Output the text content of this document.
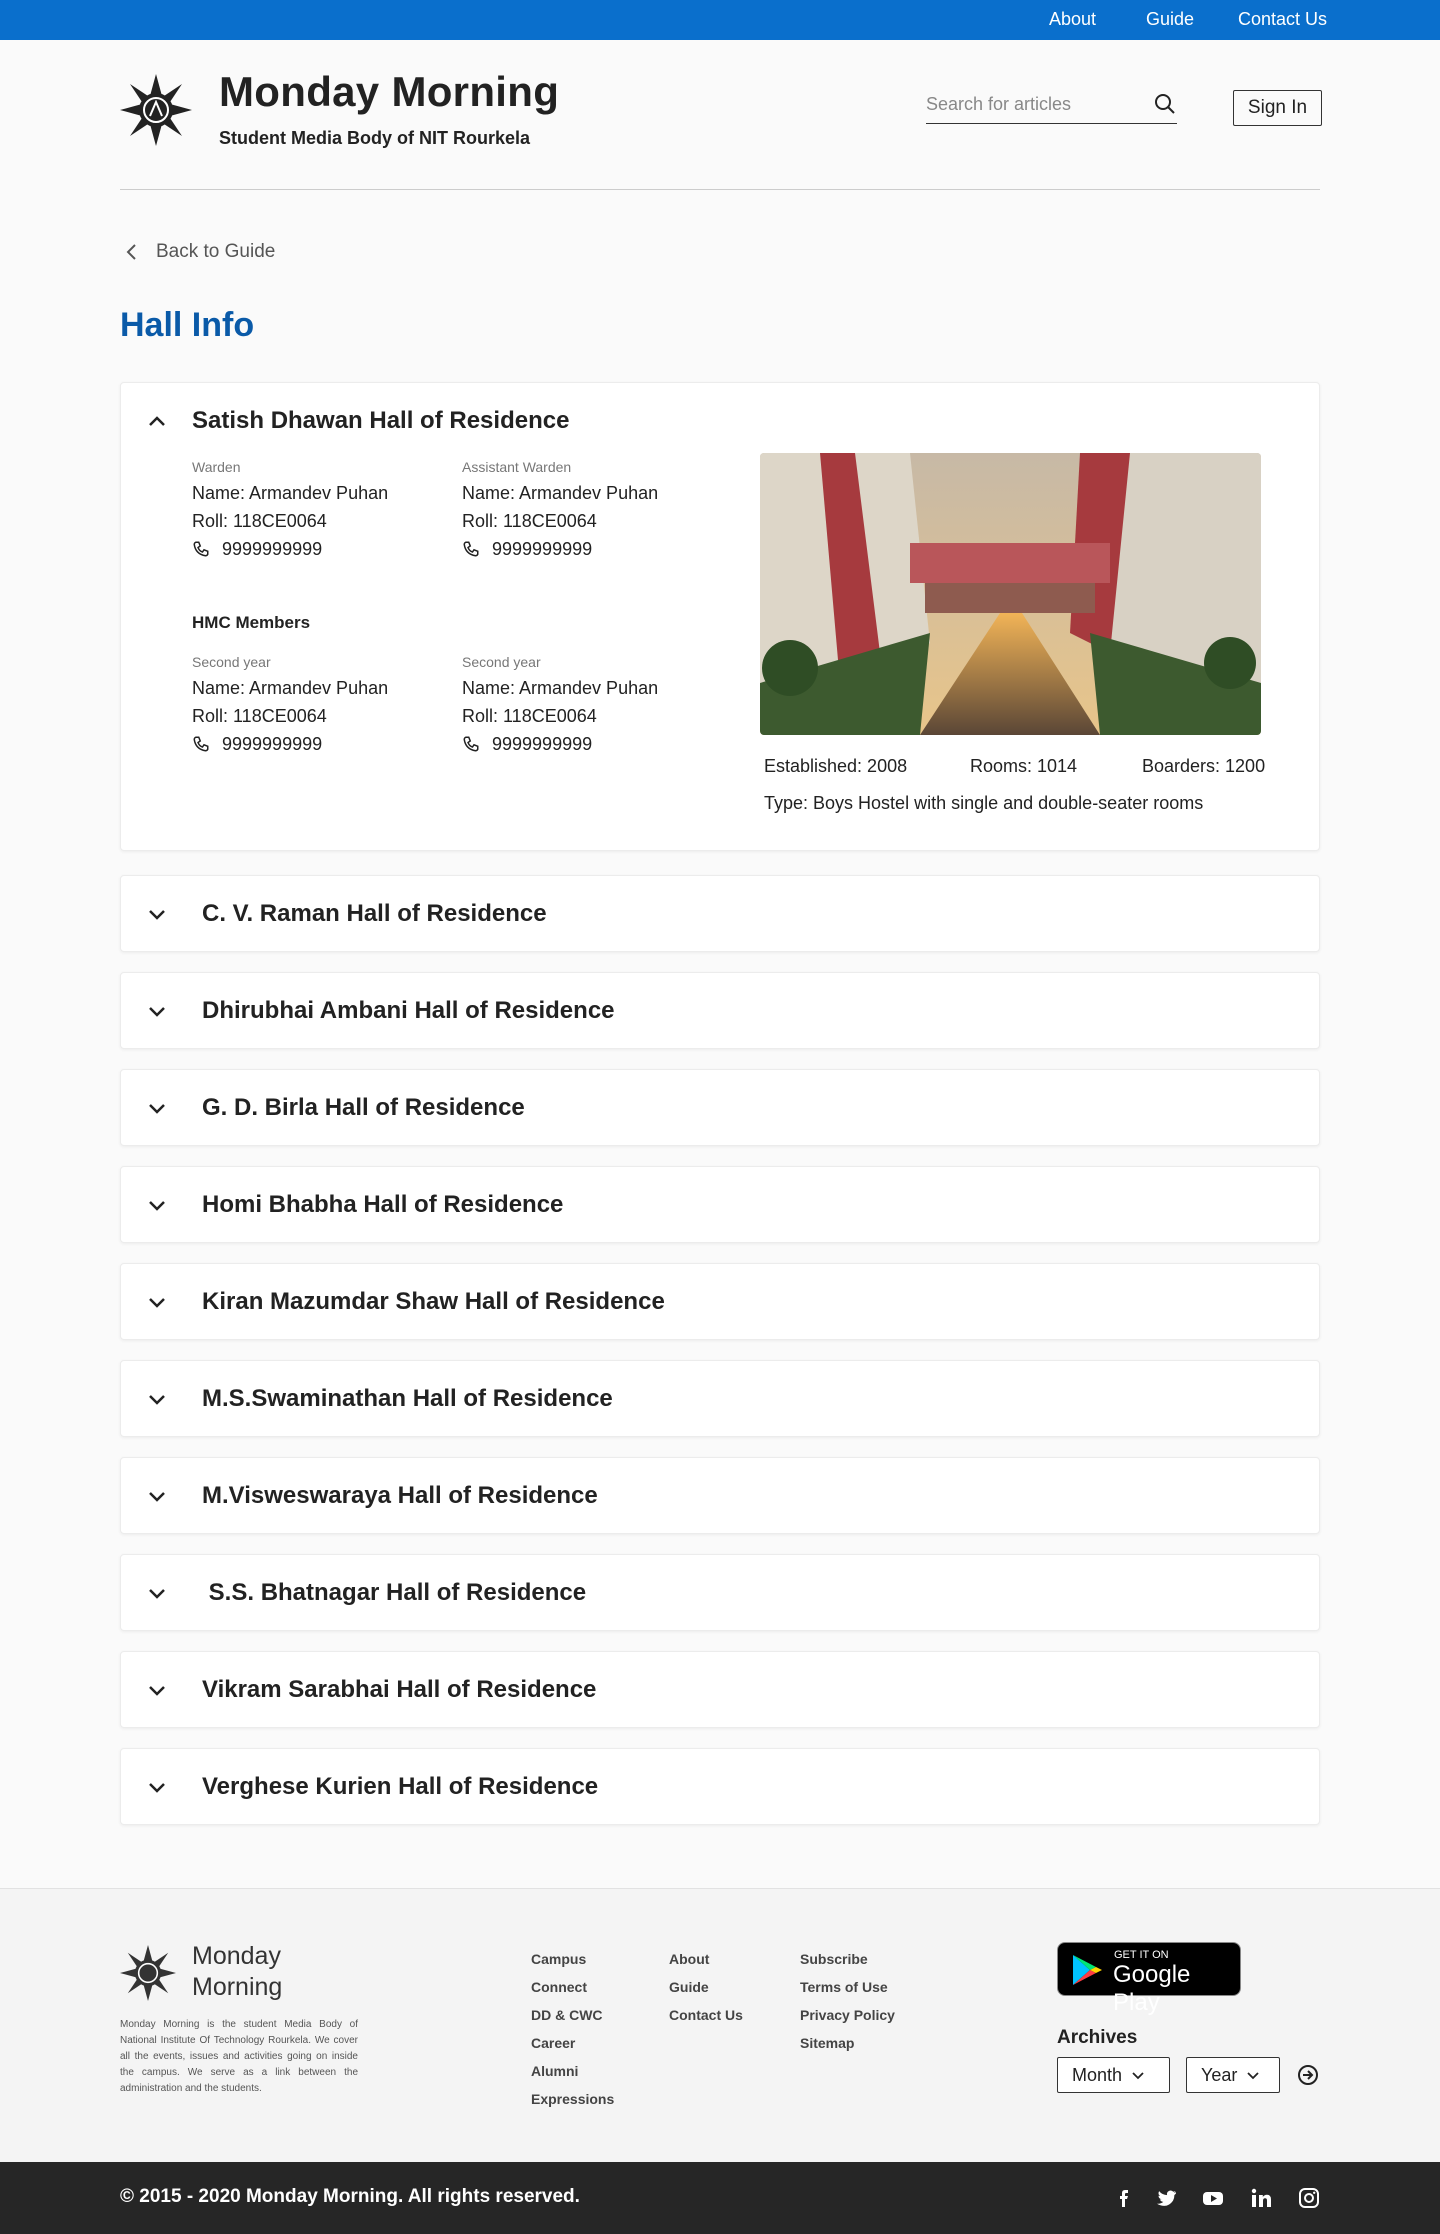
About	Guide Contact Us
Monday Morning
Student Media Body of NIT Rourkela
Search for articles
Sign In
Back to Guide
Hall Info
Satish Dhawan Hall of Residence
Warden
Name: Armandev Puhan
Roll: 118CE0064
9999999999
Assistant Warden
Name: Armandev Puhan
Roll: 118CE0064
9999999999
HMC Members
Second year
Name: Armandev Puhan
Roll: 118CE0064
9999999999
Second year
Name: Armandev Puhan
Roll: 118CE0064
9999999999
Established: 2008	Rooms: 1014	Boarders: 1200
Type: Boys Hostel with single and double-seater rooms
C. V. Raman Hall of Residence
Dhirubhai Ambani Hall of Residence
G. D. Birla Hall of Residence
Homi Bhabha Hall of Residence
Kiran Mazumdar Shaw Hall of Residence
M.S.Swaminathan Hall of Residence
M.Visweswaraya Hall of Residence
S.S. Bhatnagar Hall of Residence
Vikram Sarabhai Hall of Residence
Verghese Kurien Hall of Residence
Monday
Morning
Monday Morning is the student Media Body of National Institute Of Technology Rourkela. We cover all the events, issues and activities going on inside the campus. We serve as a link between the administration and the students.
Campus
Connect
DD & CWC
Career
Alumni
Expressions
About
Guide
Contact Us
Subscribe
Terms of Use
Privacy Policy
Sitemap
GET IT ON
Google Play
Archives
Month	Year
© 2015 - 2020 Monday Morning. All rights reserved.
